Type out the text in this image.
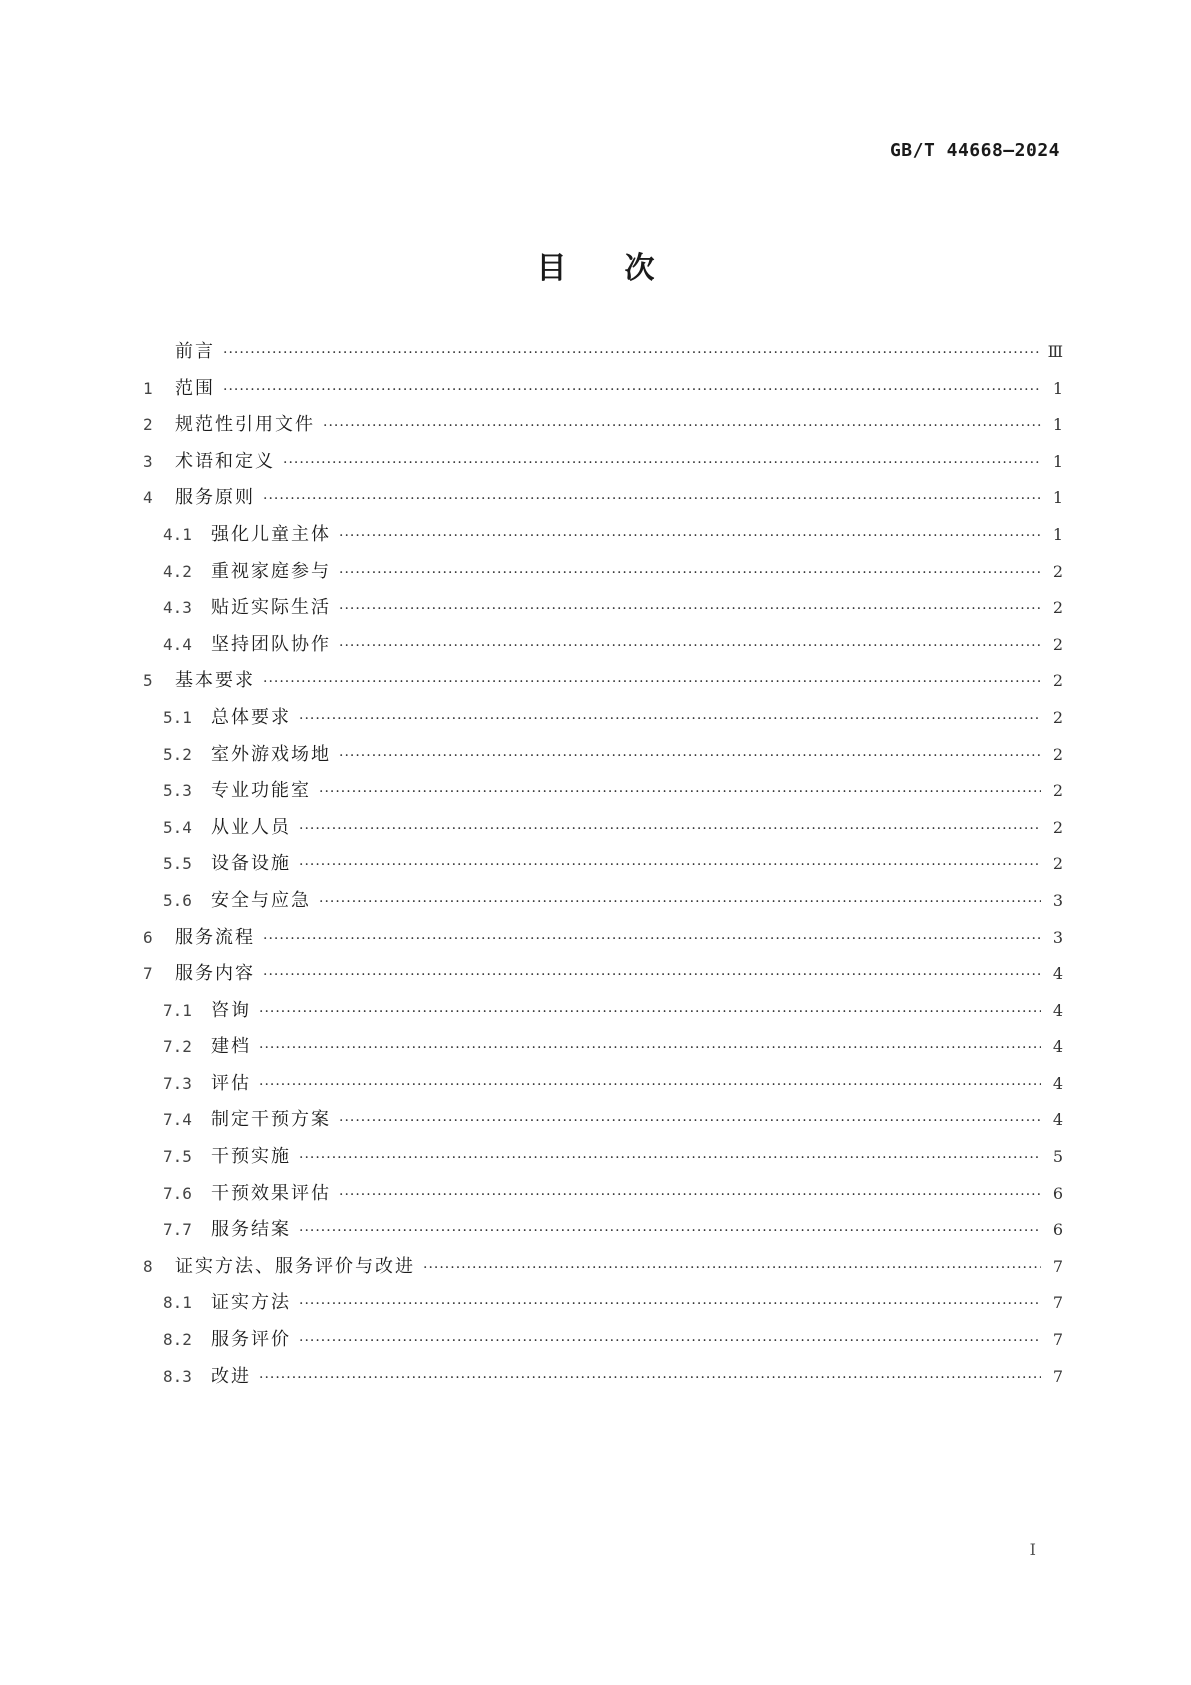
GB/T 44668—2024
目 次
前言 ·····	Ⅲ
1	范围 ·····	1
2	规范性引用文件 ·····	1
3	术语和定义 ·····	1
4	服务原则 ·····	1
4.1	强化儿童主体 ·····	1
4.2	重视家庭参与 ·····	2
4.3	贴近实际生活 ·····	2
4.4	坚持团队协作 ·····	2
5	基本要求 ·····	2
5.1	总体要求 ·····	2
5.2	室外游戏场地 ·····	2
5.3	专业功能室 ·····	2
5.4	从业人员 ·····	2
5.5	设备设施 ·····	2
5.6	安全与应急 ·····	3
6	服务流程 ·····	3
7	服务内容 ·····	4
7.1	咨询 ·····	4
7.2	建档 ·····	4
7.3	评估 ·····	4
7.4	制定干预方案 ·····	4
7.5	干预实施 ·····	5
7.6	干预效果评估 ·····	6
7.7	服务结案 ·····	6
8	证实方法、服务评价与改进 ·····	7
8.1	证实方法 ·····	7
8.2	服务评价 ·····	7
8.3	改进 ·····	7
I
